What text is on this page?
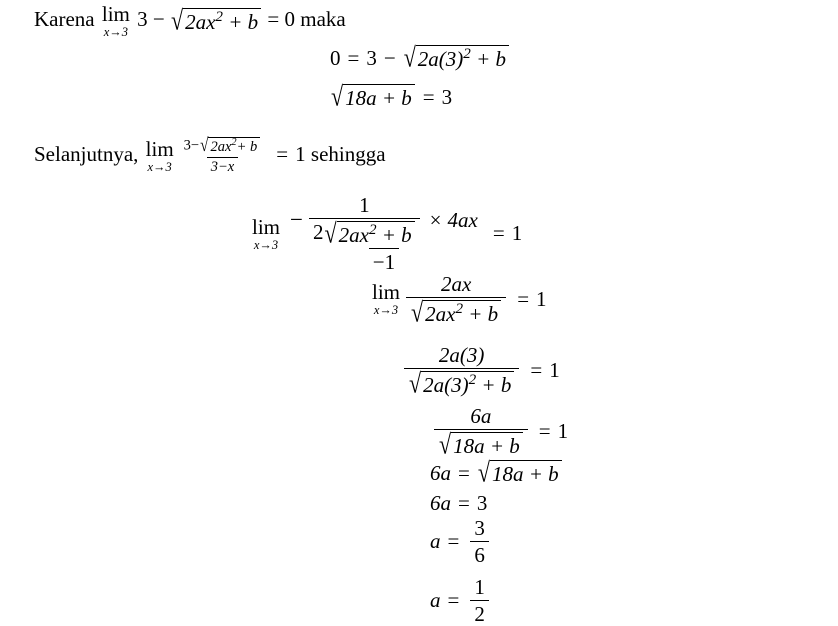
Karena lim
x→3
3 − √ $2ax^2 + b = 0$ maka
0 = 3 − √ $2a(3)^2 + b$
√ 18a + b = 3
Selanjutnya, lim
$x\to 3 \frac{3- √ 2ax^2+ b}{3-x} = 1$ sehingga
lim
x→3
− $\frac{1}{2 √ 2ax^2 + b} \times 4ax$
−1
= 1
lim
$x\to 3 \frac{2ax}{√ 2ax^2 + b} = 1$
$\frac{2a(3)}{√ 2a(3)^2 + b} = 1$
$\frac{6a}{√ 18a + b} = 1$
6a = √ 18a + b
6a = 3
$a = \frac{3}{6}$
$a = \frac{1}{2}$
